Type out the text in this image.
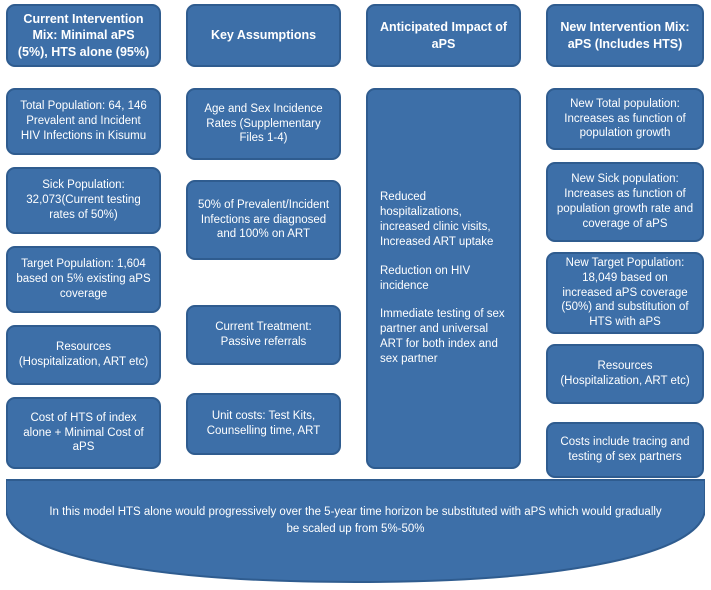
Current Intervention Mix: Minimal aPS (5%), HTS alone (95%)
Total Population: 64, 146 Prevalent and Incident HIV Infections in Kisumu
Sick Population: 32,073(Current testing rates of 50%)
Target Population: 1,604 based on 5% existing aPS coverage
Resources (Hospitalization, ART etc)
Cost of HTS of index alone + Minimal Cost of aPS
Key Assumptions
Age and Sex Incidence Rates (Supplementary Files 1-4)
50% of Prevalent/Incident Infections are diagnosed and 100% on ART
Current Treatment: Passive referrals
Unit costs: Test Kits, Counselling time, ART
Anticipated Impact of aPS

Reduced hospitalizations, increased clinic visits, Increased ART uptake

Reduction on HIV incidence

Immediate testing of sex partner and universal ART for both index and sex partner

New Intervention Mix: aPS (Includes HTS)
New Total population: Increases as function of population growth
New Sick population: Increases as function of population growth rate and coverage of aPS
New Target Population: 18,049 based on increased aPS coverage (50%) and substitution of HTS with aPS
Resources (Hospitalization, ART etc)
Costs include tracing and testing of sex partners
In this model HTS alone would progressively over the 5-year time horizon be substituted with aPS which would gradually be scaled up from 5%-50%
